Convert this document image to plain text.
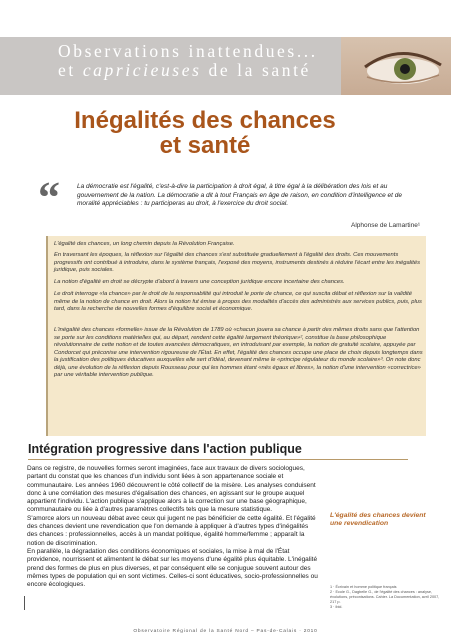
Observations inattendues...
et capricieuses de la santé
Inégalités des chances
et santé
“	La démocratie est l'égalité, c'est-à-dire la participation à droit égal, à titre égal à la délibération des lois et au gouvernement de la nation. La démocratie a dit à tout Français en âge de raison, en condition d'intelligence et de moralité appréciables : tu participeras au droit, à l'exercice du droit social.
Alphonse de Lamartine¹

L'égalité des chances, un long chemin depuis la Révolution Française.

En traversant les époques, la réflexion sur l'égalité des chances s'est substituée graduellement à l'égalité des droits. Ces mouvements progressifs ont contribué à introduire, dans le système français, l'exposé des moyens, instruments destinés à réduire l'écart entre les inégalités juridique, puis sociales.

La notion d'égalité en droit se décrypte d'abord à travers une conception juridique encore incertaine des chances.

Le droit interroge «la chance» par le droit de la responsabilité qui introduit le porte de chance, ce qui suscita débat et réflexion sur la validité même de la notion de chance en droit. Alors la notion fut émise à propos des modalités d'accès des administrés aux services publics, puis, plus tard, dans la recherche de nouvelles formes d'équilibre social et économique.

L'inégalité des chances «formelle» issue de la Révolution de 1789 où «chacun jouera sa chance à partir des mêmes droits sans que l'attention se porte sur les conditions matérielles qui, au départ, rendent cette égalité largement théorique»², constitue la base philosophique révolutionnaire de cette notion et de toutes avancées démocratiques, en introduisant par exemple, la notion de gratuité scolaire, appuyée par Condorcet qui préconise une intervention rigoureuse de l'État. En effet, l'égalité des chances occupe une place de choix depuis longtemps dans la justification des politiques éducatives auxquelles elle sert d'idéal, devenant même le «principe régulateur du monde scolaire»³. On note donc déjà, une évolution de la réflexion depuis Rousseau pour qui les hommes étant «nés égaux et libres», la notion d'une intervention «correctrice» par une véritable intervention publique.

Intégration progressive dans l'action publique
Dans ce registre, de nouvelles formes seront imaginées, face aux travaux de divers sociologues, partant du constat que les chances d'un individu sont liées à son appartenance sociale et communautaire. Les années 1960 découvrent le côté collectif de la misère. Les analyses conduisent donc à une corrélation des mesures d'égalisation des chances, en agissant sur le groupe auquel appartient l'individu. L'action publique s'applique alors à la correction sur une base géographique, communautaire ou liée à d'autres paramètres collectifs tels que la mesure statistique.
S'amorce alors un nouveau débat avec ceux qui jugent ne pas bénéficier de cette égalité. Et l'égalité des chances devient une revendication que l'on demande à appliquer à d'autres types d'inégalités des chances : professionnelles, accès à un mandat politique, égalité homme/femme ; apparaît la notion de discrimination.
En parallèle, la dégradation des conditions économiques et sociales, la mise à mal de l'État providence, nourrissent et alimentent le débat sur les moyens d'une égalité plus équitable. L'inégalité prend des formes de plus en plus diverses, et par conséquent elle se conjugue souvent autour des mêmes types de population qui en sont victimes. Celles-ci sont éducatives, socio-professionnelles ou encore écologiques.
L'égalité des chances devient une revendication
1 · Écrivain et homme politique français
2 · Ecole G., Dagbelle G., de l'égalité des chances : analyse, évolutions, préconisations. Cahier. La Documentation, avril 2007, 217 p.
3 · ibid.
Observatoire Régional de la Santé Nord – Pas-de-Calais · 2010
